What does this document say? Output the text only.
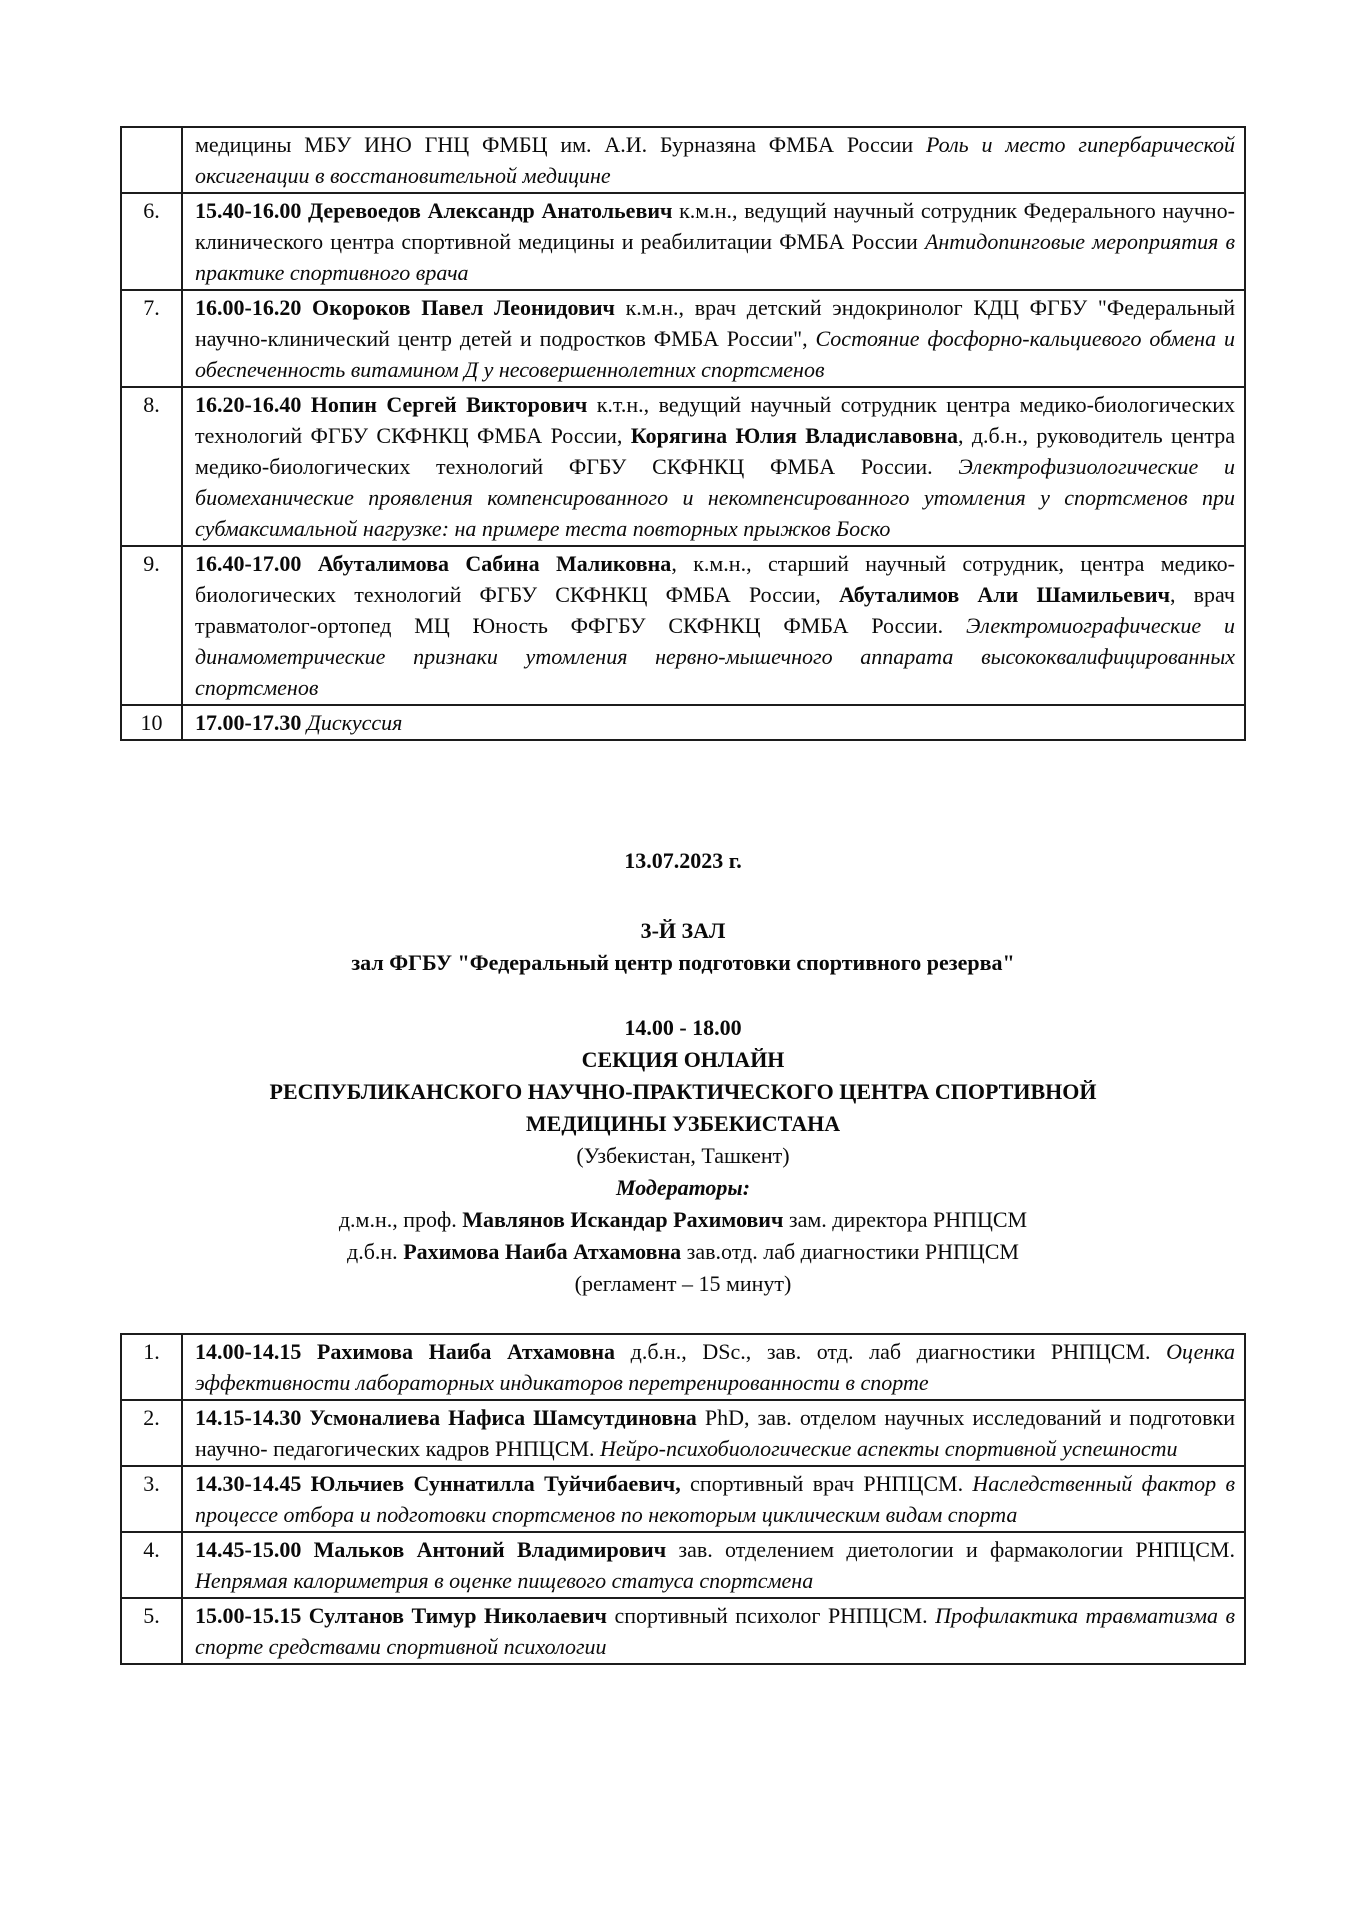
	медицины МБУ ИНО ГНЦ ФМБЦ им. А.И. Бурназяна ФМБА России Роль и место гипербарической оксигенации в восстановительной медицине
6.	15.40-16.00 Деревоедов Александр Анатольевич к.м.н., ведущий научный сотрудник Федерального научно-клинического центра спортивной медицины и реабилитации ФМБА России Антидопинговые мероприятия в практике спортивного врача
7.	16.00-16.20 Окороков Павел Леонидович к.м.н., врач детский эндокринолог КДЦ ФГБУ "Федеральный научно-клинический центр детей и подростков ФМБА России", Состояние фосфорно-кальциевого обмена и обеспеченность витамином Д у несовершеннолетних спортсменов
8.	16.20-16.40 Нопин Сергей Викторович к.т.н., ведущий научный сотрудник центра медико-биологических технологий ФГБУ СКФНКЦ ФМБА России, Корягина Юлия Владиславовна, д.б.н., руководитель центра медико-биологических технологий ФГБУ СКФНКЦ ФМБА России. Электрофизиологические и биомеханические проявления компенсированного и некомпенсированного утомления у спортсменов при субмаксимальной нагрузке: на примере теста повторных прыжков Боско
9.	16.40-17.00 Абуталимова Сабина Маликовна, к.м.н., старший научный сотрудник, центра медико-биологических технологий ФГБУ СКФНКЦ ФМБА России, Абуталимов Али Шамильевич, врач травматолог-ортопед МЦ Юность ФФГБУ СКФНКЦ ФМБА России. Электромиографические и динамометрические признаки утомления нервно-мышечного аппарата высококвалифицированных спортсменов
10	17.00-17.30 Дискуссия
13.07.2023 г.
3-Й ЗАЛ
зал ФГБУ "Федеральный центр подготовки спортивного резерва"
14.00 - 18.00
СЕКЦИЯ ОНЛАЙН
РЕСПУБЛИКАНСКОГО НАУЧНО-ПРАКТИЧЕСКОГО ЦЕНТРА СПОРТИВНОЙ
МЕДИЦИНЫ УЗБЕКИСТАНА
(Узбекистан, Ташкент)
Модераторы:
д.м.н., проф. Мавлянов Искандар Рахимович зам. директора РНПЦСМ
д.б.н. Рахимова Наиба Атхамовна зав.отд. лаб диагностики РНПЦСМ
(регламент – 15 минут)
1.	14.00-14.15 Рахимова Наиба Атхамовна д.б.н., DSc., зав. отд. лаб диагностики РНПЦСМ. Оценка эффективности лабораторных индикаторов перетренированности в спорте
2.	14.15-14.30 Усмоналиева Нафиса Шамсутдиновна PhD, зав. отделом научных исследований и подготовки научно- педагогических кадров РНПЦСМ. Нейро-психобиологические аспекты спортивной успешности
3.	14.30-14.45 Юльчиев Суннатилла Туйчибаевич, спортивный врач РНПЦСМ. Наследственный фактор в процессе отбора и подготовки спортсменов по некоторым циклическим видам спорта
4.	14.45-15.00 Мальков Антоний Владимирович зав. отделением диетологии и фармакологии РНПЦСМ. Непрямая калориметрия в оценке пищевого статуса спортсмена
5.	15.00-15.15 Султанов Тимур Николаевич спортивный психолог РНПЦСМ. Профилактика травматизма в спорте средствами спортивной психологии
